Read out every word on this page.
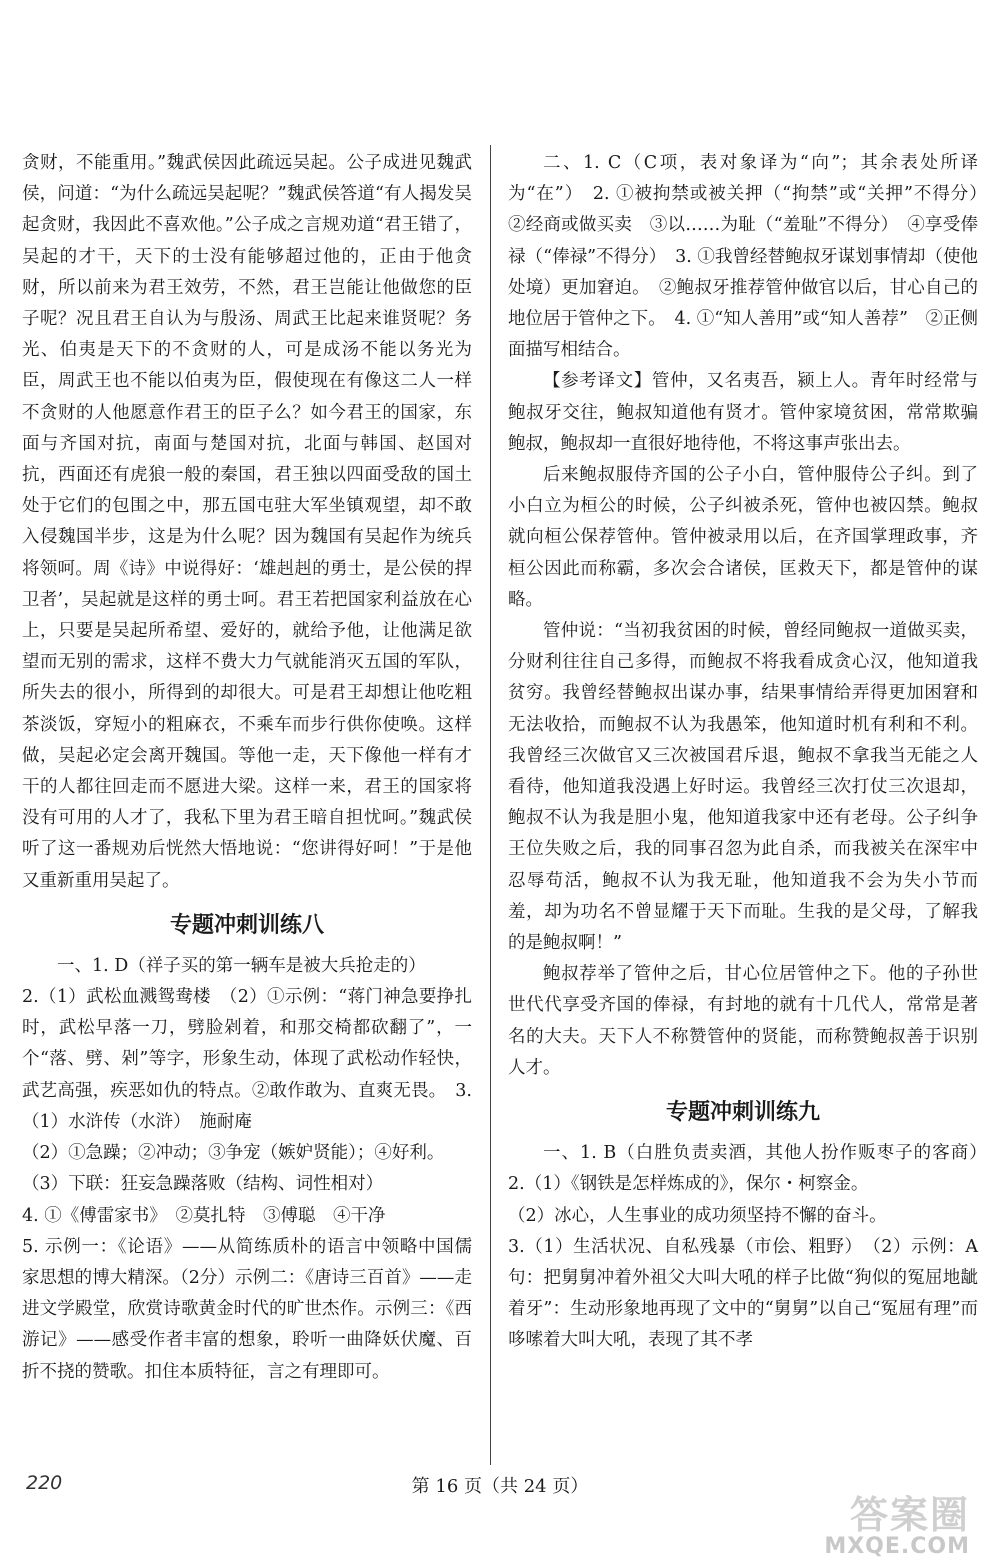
贪财，不能重用。”魏武侯因此疏远吴起。公子成进见魏武侯，问道：“为什么疏远吴起呢？”魏武侯答道“有人揭发吴起贪财，我因此不喜欢他。”公子成之言规劝道“君王错了，吴起的才干，天下的士没有能够超过他的，正由于他贪财，所以前来为君王效劳，不然，君王岂能让他做您的臣子呢？况且君王自认为与殷汤、周武王比起来谁贤呢？务光、伯夷是天下的不贪财的人，可是成汤不能以务光为臣，周武王也不能以伯夷为臣，假使现在有像这二人一样不贪财的人他愿意作君王的臣子么？如今君王的国家，东面与齐国对抗，南面与楚国对抗，北面与韩国、赵国对抗，西面还有虎狼一般的秦国，君王独以四面受敌的国土处于它们的包围之中，那五国屯驻大军坐镇观望，却不敢入侵魏国半步，这是为什么呢？因为魏国有吴起作为统兵将领呵。周《诗》中说得好：‘雄赳赳的勇士，是公侯的捍卫者’，吴起就是这样的勇士呵。君王若把国家利益放在心上，只要是吴起所希望、爱好的，就给予他，让他满足欲望而无别的需求，这样不费大力气就能消灭五国的军队，所失去的很小，所得到的却很大。可是君王却想让他吃粗茶淡饭，穿短小的粗麻衣，不乘车而步行供你使唤。这样做，吴起必定会离开魏国。等他一走，天下像他一样有才干的人都往回走而不愿进大梁。这样一来，君王的国家将没有可用的人才了，我私下里为君王暗自担忧呵。”魏武侯听了这一番规劝后恍然大悟地说：“您讲得好呵！”于是他又重新重用吴起了。

专题冲刺训练八

一、1. D（祥子买的第一辆车是被大兵抢走的）

2.（1）武松血溅鸳鸯楼　（2）①示例：“蒋门神急要挣扎时，武松早落一刀，劈脸剁着，和那交椅都砍翻了”，一个“落、劈、剁”等字，形象生动，体现了武松动作轻快，武艺高强，疾恶如仇的特点。②敢作敢为、直爽无畏。　3.（1）水浒传（水浒）　施耐庵

（2）①急躁；②冲动；③争宠（嫉妒贤能）；④好利。

（3）下联：狂妄急躁落败（结构、词性相对）

4. ①《傅雷家书》　②莫扎特　③傅聪　④干净

5. 示例一：《论语》——从简练质朴的语言中领略中国儒家思想的博大精深。（2分）示例二：《唐诗三百首》——走进文学殿堂，欣赏诗歌黄金时代的旷世杰作。示例三：《西游记》——感受作者丰富的想象，聆听一曲降妖伏魔、百折不挠的赞歌。扣住本质特征，言之有理即可。

二、1. C（C项，表对象译为“向”；其余表处所译为“在”）　2. ①被拘禁或被关押（“拘禁”或“关押”不得分）　②经商或做买卖　③以……为耻（“羞耻”不得分）　④享受俸禄（“俸禄”不得分）　3. ①我曾经替鲍叔牙谋划事情却（使他处境）更加窘迫。　②鲍叔牙推荐管仲做官以后，甘心自己的地位居于管仲之下。　4. ①“知人善用”或“知人善荐”　②正侧面描写相结合。

【参考译文】管仲，又名夷吾，颍上人。青年时经常与鲍叔牙交往，鲍叔知道他有贤才。管仲家境贫困，常常欺骗鲍叔，鲍叔却一直很好地待他，不将这事声张出去。

后来鲍叔服侍齐国的公子小白，管仲服侍公子纠。到了小白立为桓公的时候，公子纠被杀死，管仲也被囚禁。鲍叔就向桓公保荐管仲。管仲被录用以后，在齐国掌理政事，齐桓公因此而称霸，多次会合诸侯，匡救天下，都是管仲的谋略。

管仲说：“当初我贫困的时候，曾经同鲍叔一道做买卖，分财利往往自己多得，而鲍叔不将我看成贪心汉，他知道我贫穷。我曾经替鲍叔出谋办事，结果事情给弄得更加困窘和无法收拾，而鲍叔不认为我愚笨，他知道时机有利和不利。我曾经三次做官又三次被国君斥退，鲍叔不拿我当无能之人看待，他知道我没遇上好时运。我曾经三次打仗三次退却，鲍叔不认为我是胆小鬼，他知道我家中还有老母。公子纠争王位失败之后，我的同事召忽为此自杀，而我被关在深牢中忍辱苟活，鲍叔不认为我无耻，他知道我不会为失小节而羞，却为功名不曾显耀于天下而耻。生我的是父母，了解我的是鲍叔啊！”

鲍叔荐举了管仲之后，甘心位居管仲之下。他的子孙世世代代享受齐国的俸禄，有封地的就有十几代人，常常是著名的大夫。天下人不称赞管仲的贤能，而称赞鲍叔善于识别人才。

专题冲刺训练九

一、1. B（白胜负责卖酒，其他人扮作贩枣子的客商）　2.（1）《钢铁是怎样炼成的》，保尔・柯察金。

（2）冰心，人生事业的成功须坚持不懈的奋斗。

3.（1）生活状况、自私残暴（市侩、粗野）　（2）示例：A句：把舅舅冲着外祖父大叫大吼的样子比做“狗似的冤屈地龇着牙”：生动形象地再现了文中的“舅舅”以自己“冤屈有理”而哆嗦着大叫大吼，表现了其不孝

220	第 16 页（共 24 页）
答案圈
MXQE.COM
